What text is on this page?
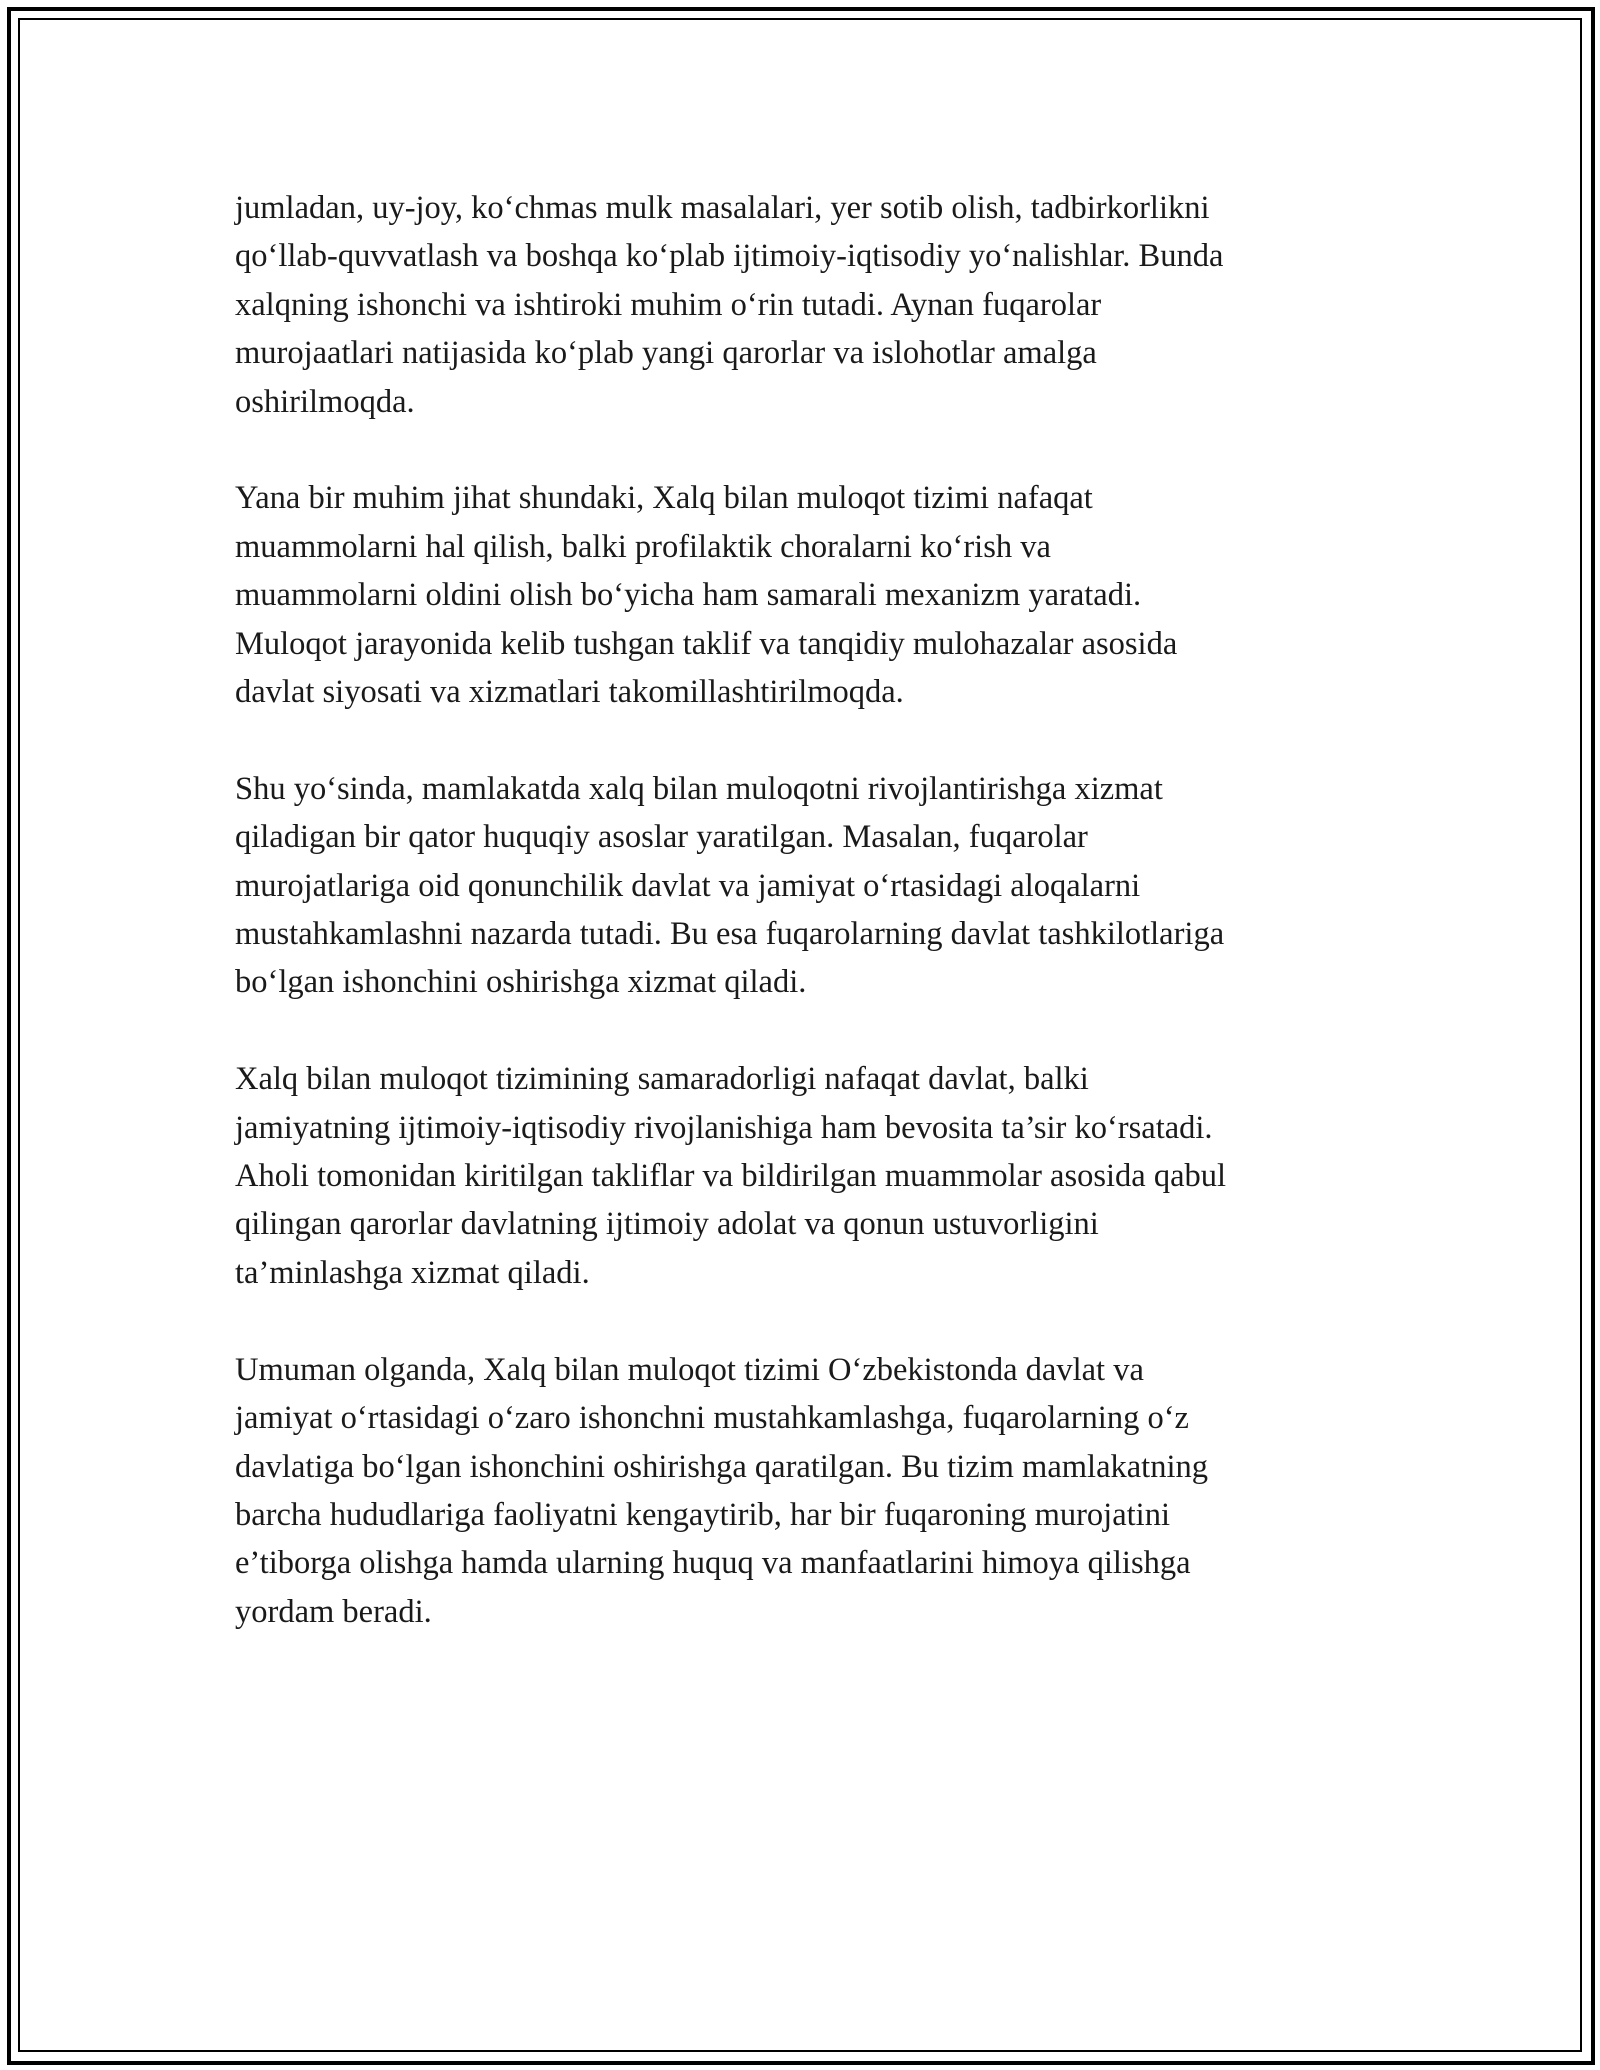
jumladan, uy-joy, koʻchmas mulk masalalari, yer sotib olish, tadbirkorlikni
qoʻllab-quvvatlash va boshqa koʻplab ijtimoiy-iqtisodiy yoʻnalishlar. Bunda
xalqning ishonchi va ishtiroki muhim oʻrin tutadi. Aynan fuqarolar
murojaatlari natijasida koʻplab yangi qarorlar va islohotlar amalga
oshirilmoqda.

Yana bir muhim jihat shundaki, Xalq bilan muloqot tizimi nafaqat
muammolarni hal qilish, balki profilaktik choralarni koʻrish va
muammolarni oldini olish boʻyicha ham samarali mexanizm yaratadi.
Muloqot jarayonida kelib tushgan taklif va tanqidiy mulohazalar asosida
davlat siyosati va xizmatlari takomillashtirilmoqda.

Shu yoʻsinda, mamlakatda xalq bilan muloqotni rivojlantirishga xizmat
qiladigan bir qator huquqiy asoslar yaratilgan. Masalan, fuqarolar
murojatlariga oid qonunchilik davlat va jamiyat oʻrtasidagi aloqalarni
mustahkamlashni nazarda tutadi. Bu esa fuqarolarning davlat tashkilotlariga
boʻlgan ishonchini oshirishga xizmat qiladi.

Xalq bilan muloqot tizimining samaradorligi nafaqat davlat, balki
jamiyatning ijtimoiy-iqtisodiy rivojlanishiga ham bevosita ta’sir koʻrsatadi.
Aholi tomonidan kiritilgan takliflar va bildirilgan muammolar asosida qabul
qilingan qarorlar davlatning ijtimoiy adolat va qonun ustuvorligini
ta’minlashga xizmat qiladi.

Umuman olganda, Xalq bilan muloqot tizimi Oʻzbekistonda davlat va
jamiyat oʻrtasidagi oʻzaro ishonchni mustahkamlashga, fuqarolarning oʻz
davlatiga boʻlgan ishonchini oshirishga qaratilgan. Bu tizim mamlakatning
barcha hududlariga faoliyatni kengaytirib, har bir fuqaroning murojatini
e’tiborga olishga hamda ularning huquq va manfaatlarini himoya qilishga
yordam beradi.
